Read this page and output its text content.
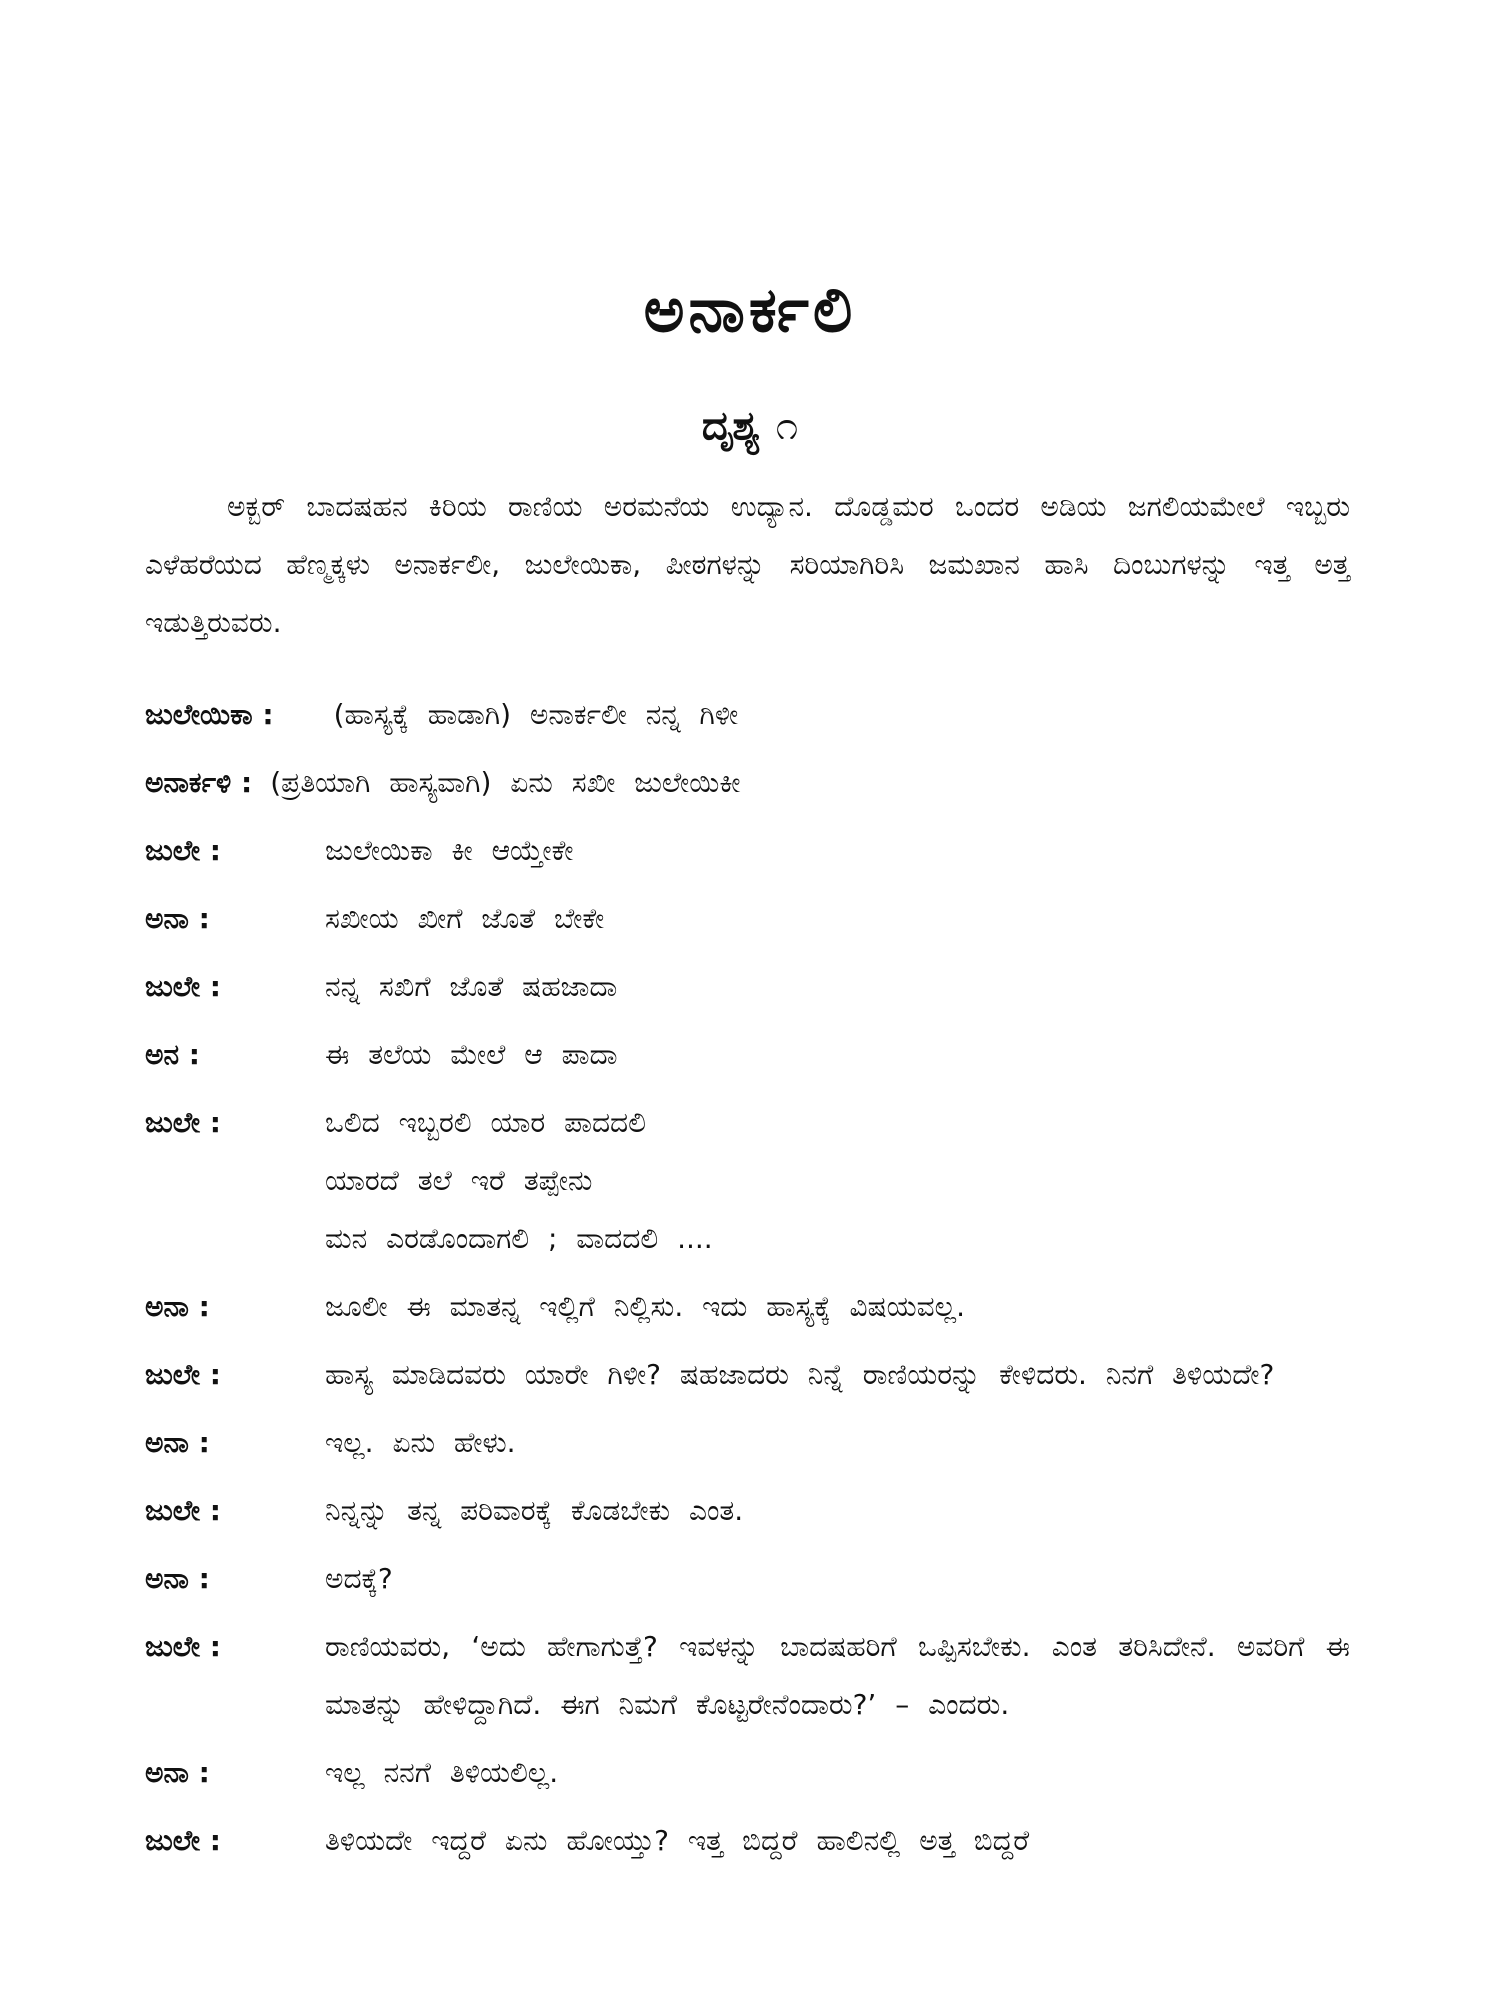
ಅನಾರ್ಕಲಿ
ದೃಶ್ಯ ೧
ಅಕ್ಬರ್ ಬಾದಷಹನ ಕಿರಿಯ ರಾಣಿಯ ಅರಮನೆಯ ಉದ್ಯಾನ. ದೊಡ್ಡಮರ ಒಂದರ ಅಡಿಯ ಜಗಲಿಯಮೇಲೆ ಇಬ್ಬರು ಎಳೆಹರೆಯದ ಹೆಣ್ಮಕ್ಕಳು ಅನಾರ್ಕಲೀ, ಜುಲೇಯಿಕಾ, ಪೀಠಗಳನ್ನು ಸರಿಯಾಗಿರಿಸಿ ಜಮಖಾನ ಹಾಸಿ ದಿಂಬುಗಳನ್ನು ಇತ್ತ ಅತ್ತ ಇಡುತ್ತಿರುವರು.
ಜುಲೇಯಿಕಾ : (ಹಾಸ್ಯಕ್ಕೆ ಹಾಡಾಗಿ) ಅನಾರ್ಕಲೀ ನನ್ನ ಗಿಳೀ
ಅನಾರ್ಕಳಿ : (ಪ್ರತಿಯಾಗಿ ಹಾಸ್ಯವಾಗಿ) ಏನು ಸಖೀ ಜುಲೇಯಿಕೀ
ಜುಲೇ :	ಜುಲೇಯಿಕಾ ಕೀ ಆಯ್ತೇಕೇ
ಅನಾ :	ಸಖೀಯ ಖೀಗೆ ಜೊತೆ ಬೇಕೇ
ಜುಲೇ :	ನನ್ನ ಸಖಿಗೆ ಜೊತೆ ಷಹಜಾದಾ
ಅನ :	ಈ ತಲೆಯ ಮೇಲೆ ಆ ಪಾದಾ
ಜುಲೇ :	ಒಲಿದ ಇಬ್ಬರಲಿ ಯಾರ ಪಾದದಲಿ
ಯಾರದೆ ತಲೆ ಇರೆ ತಪ್ಪೇನು
ಮನ ಎರಡೊಂದಾಗಲಿ ; ವಾದದಲಿ ....
ಅನಾ :	ಜೂಲೀ ಈ ಮಾತನ್ನ ಇಲ್ಲಿಗೆ ನಿಲ್ಲಿಸು. ಇದು ಹಾಸ್ಯಕ್ಕೆ ವಿಷಯವಲ್ಲ.
ಜುಲೇ :	ಹಾಸ್ಯ ಮಾಡಿದವರು ಯಾರೇ ಗಿಳೀ? ಷಹಜಾದರು ನಿನ್ನೆ ರಾಣಿಯರನ್ನು ಕೇಳಿದರು. ನಿನಗೆ ತಿಳಿಯದೇ?
ಅನಾ :	ಇಲ್ಲ. ಏನು ಹೇಳು.
ಜುಲೇ :	ನಿನ್ನನ್ನು ತನ್ನ ಪರಿವಾರಕ್ಕೆ ಕೊಡಬೇಕು ಎಂತ.
ಅನಾ :	ಅದಕ್ಕೆ?
ಜುಲೇ :	ರಾಣಿಯವರು, ‘ಅದು ಹೇಗಾಗುತ್ತೆ? ಇವಳನ್ನು ಬಾದಷಹರಿಗೆ ಒಪ್ಪಿಸಬೇಕು. ಎಂತ ತರಿಸಿದೇನೆ. ಅವರಿಗೆ ಈ ಮಾತನ್ನು ಹೇಳಿದ್ದಾಗಿದೆ. ಈಗ ನಿಮಗೆ ಕೊಟ್ಟರೇನೆಂದಾರು?’ – ಎಂದರು.
ಅನಾ :	ಇಲ್ಲ ನನಗೆ ತಿಳಿಯಲಿಲ್ಲ.
ಜುಲೇ :	ತಿಳಿಯದೇ ಇದ್ದರೆ ಏನು ಹೋಯ್ತು? ಇತ್ತ ಬಿದ್ದರೆ ಹಾಲಿನಲ್ಲಿ ಅತ್ತ ಬಿದ್ದರೆ
